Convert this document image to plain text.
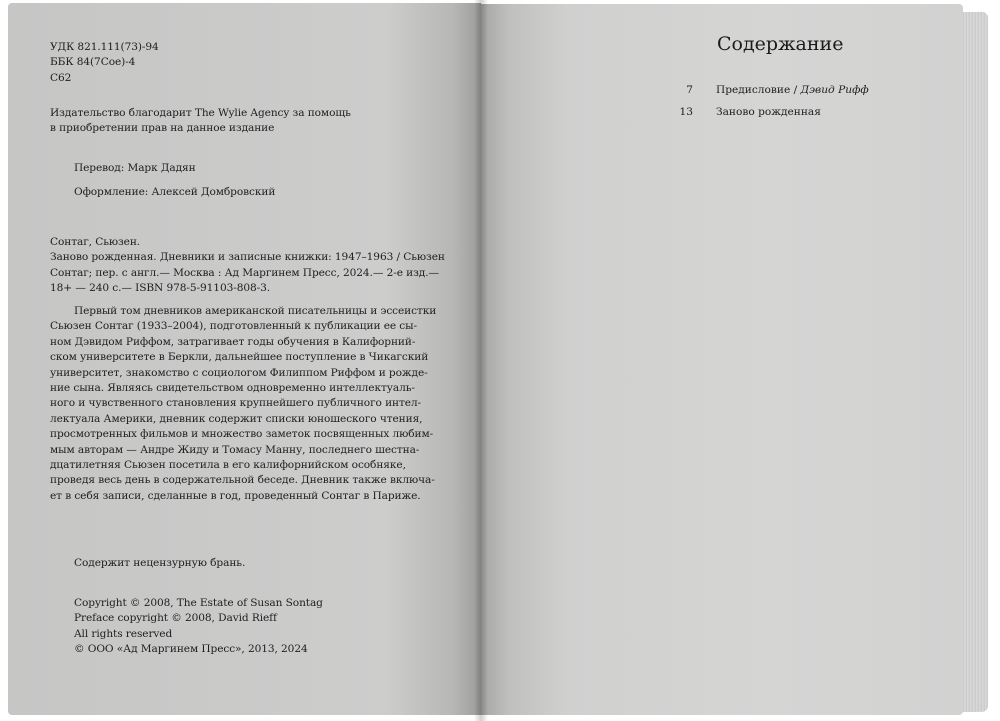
УДК 821.111(73)-94
ББК 84(7Сое)-4
С62
Издательство благодарит The Wylie Agency за помощь
в приобретении прав на данное издание
Перевод: Марк Дадян
Оформление: Алексей Домбровский
Сонтаг, Сьюзен.
Заново рожденная. Дневники и записные книжки: 1947–1963 / Сьюзен
Сонтаг; пер. с англ.— Москва : Ад Маргинем Пресс, 2024.— 2-е изд.—
18+ — 240 с.— ISBN 978-5-91103-808-3.
Первый том дневников американской писательницы и эссеистки
Сьюзен Сонтаг (1933–2004), подготовленный к публикации ее сы-
ном Дэвидом Риффом, затрагивает годы обучения в Калифорний-
ском университете в Беркли, дальнейшее поступление в Чикагский
университет, знакомство с социологом Филиппом Риффом и рожде-
ние сына. Являясь свидетельством одновременно интеллектуаль-
ного и чувственного становления крупнейшего публичного интел-
лектуала Америки, дневник содержит списки юношеского чтения,
просмотренных фильмов и множество заметок посвященных любим-
мым авторам — Андре Жиду и Томасу Манну, последнего шестна-
дцатилетняя Сьюзен посетила в его калифорнийском особняке,
проведя весь день в содержательной беседе. Дневник также включа-
ет в себя записи, сделанные в год, проведенный Сонтаг в Париже.
Содержит нецензурную брань.
Copyright © 2008, The Estate of Susan Sontag
Preface copyright © 2008, David Rieff
All rights reserved
© ООО «Ад Маргинем Пресс», 2013, 2024
Содержание
7 Предисловие / Дэвид Рифф
13 Заново рожденная
